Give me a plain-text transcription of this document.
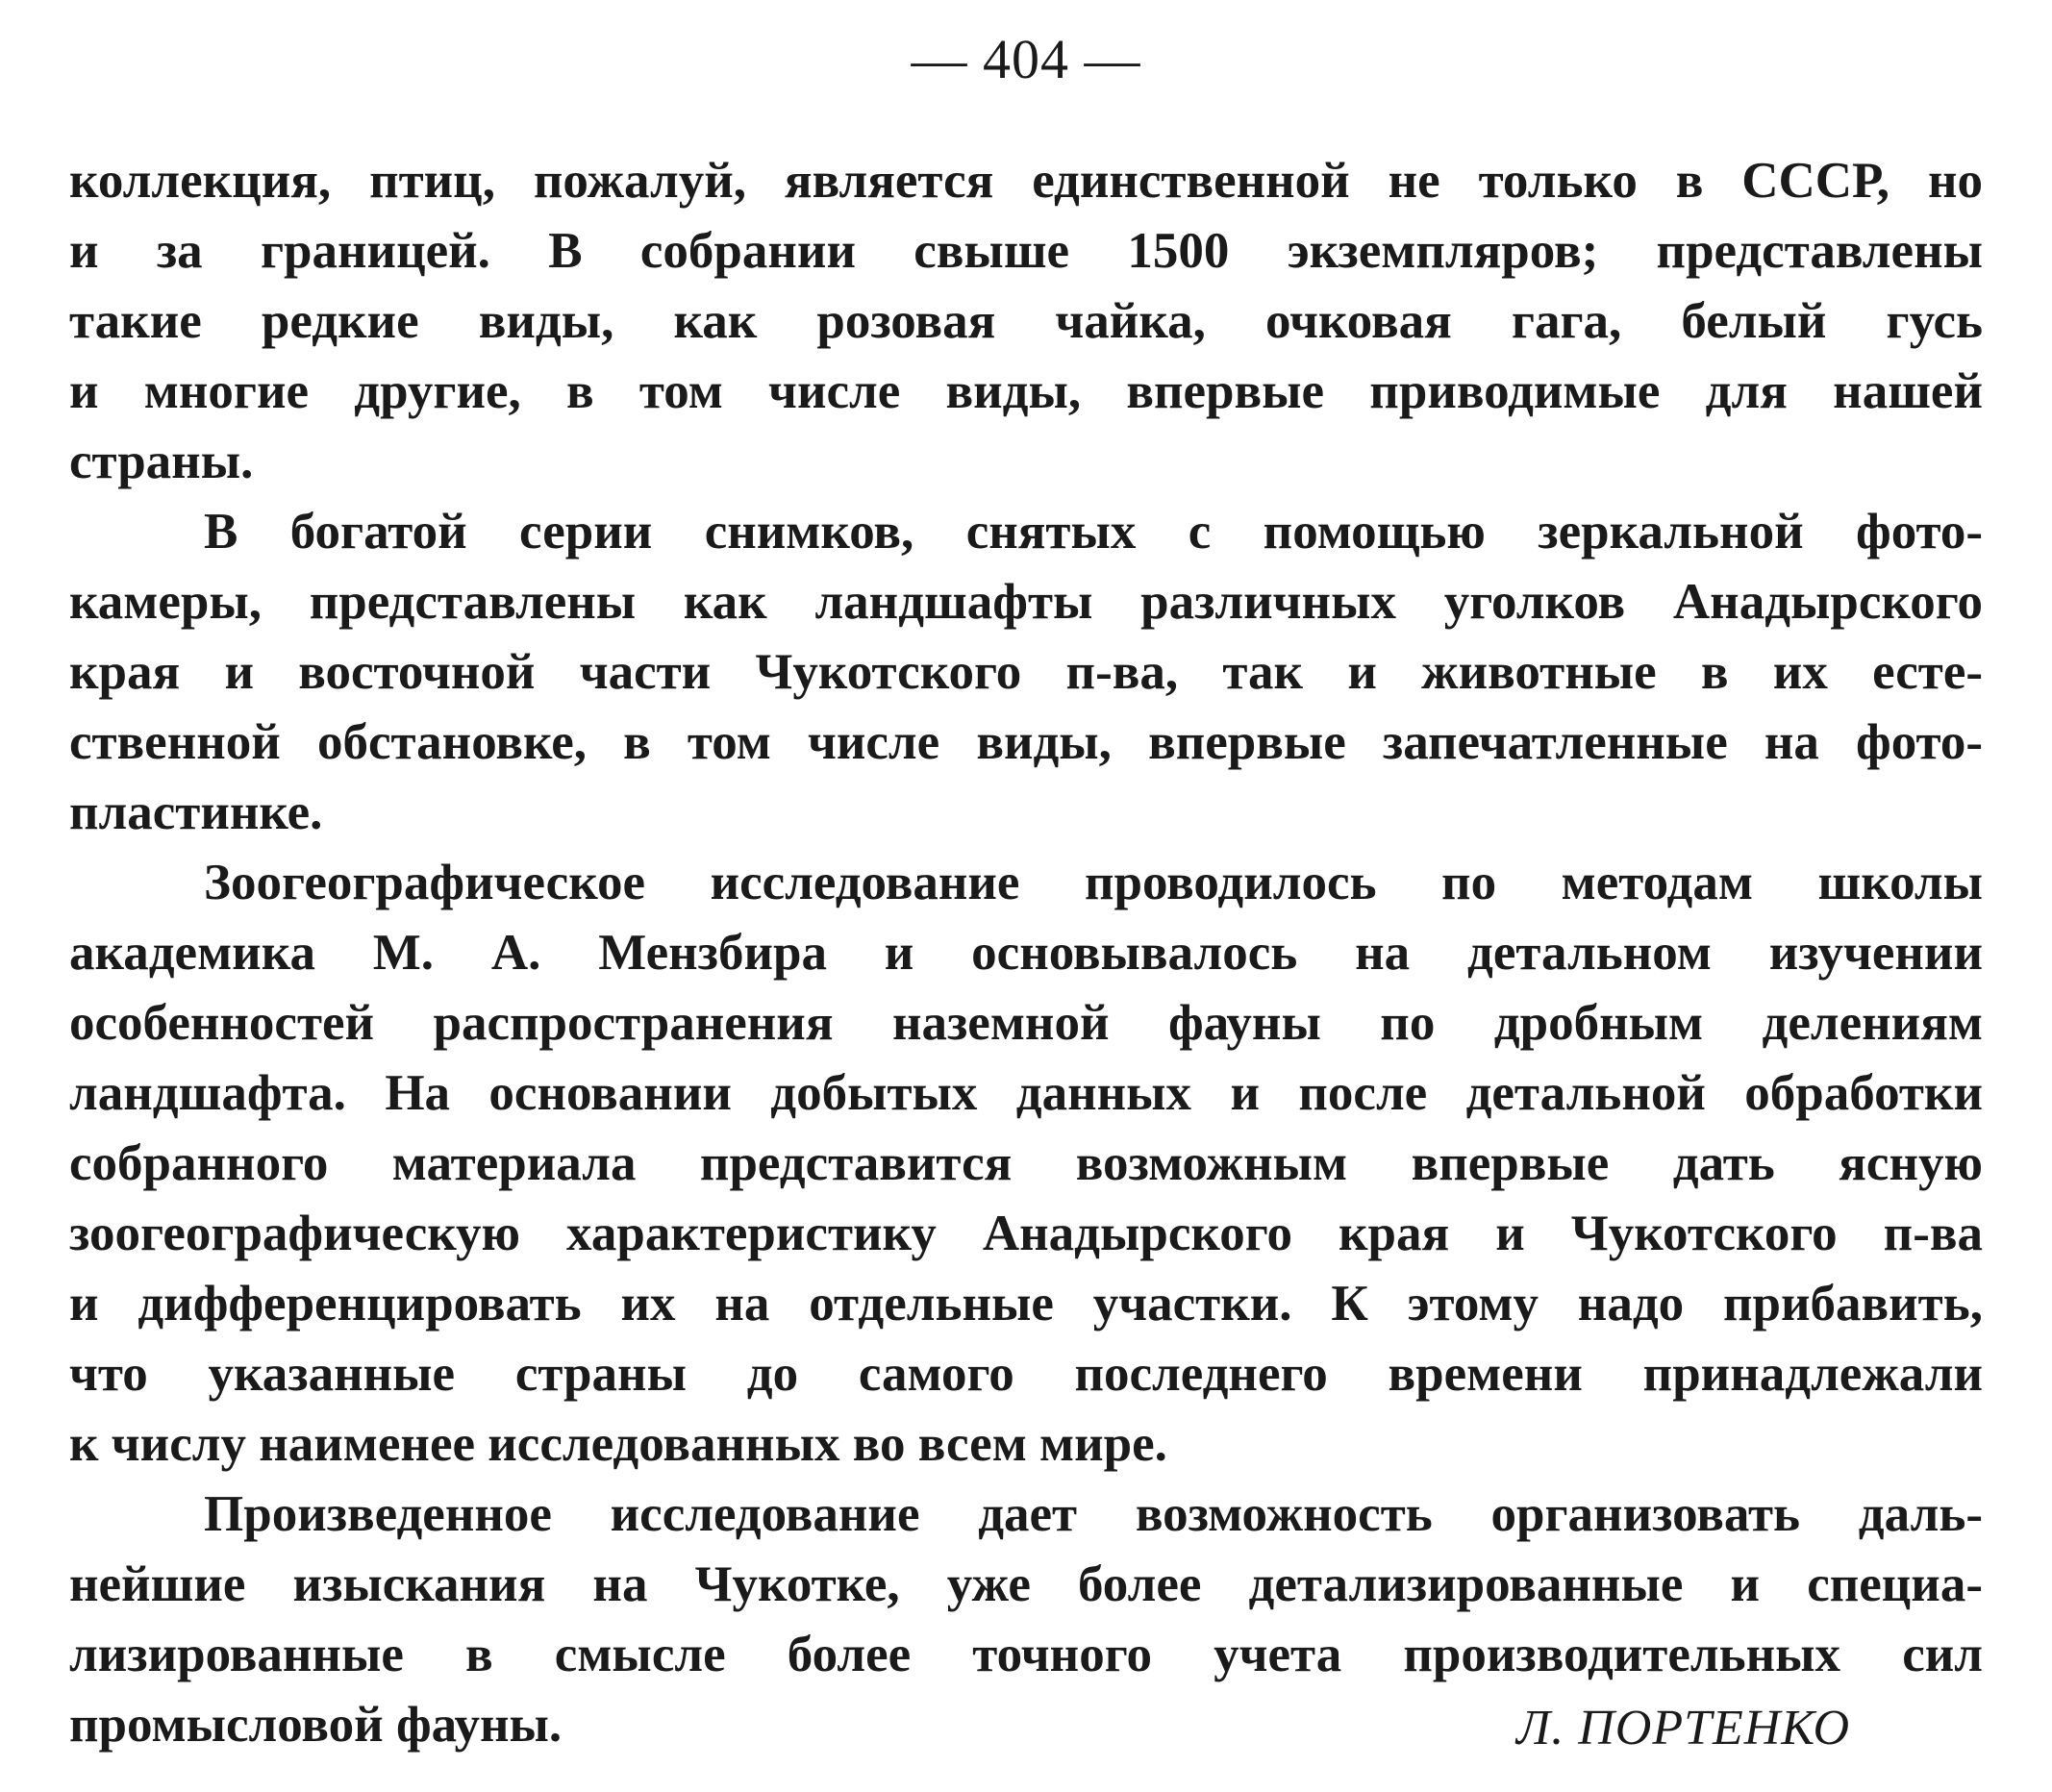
— 404 —
коллекция, птиц, пожалуй, является единственной не только в СССР, но
и за границей. В собрании свыше 1500 экземпляров; представлены
такие редкие виды, как розовая чайка, очковая гага, белый гусь
и многие другие, в том числе виды, впервые приводимые для нашей
страны.
В богатой серии снимков, снятых с помощью зеркальной фото-
камеры, представлены как ландшафты различных уголков Анадырского
края и восточной части Чукотского п-ва, так и животные в их есте-
ственной обстановке, в том числе виды, впервые запечатленные на фото-
пластинке.
Зоогеографическое исследование проводилось по методам школы
академика М. А. Мензбира и основывалось на детальном изучении
особенностей распространения наземной фауны по дробным делениям
ландшафта. На основании добытых данных и после детальной обработки
собранного материала представится возможным впервые дать ясную
зоогеографическую характеристику Анадырского края и Чукотского п-ва
и дифференцировать их на отдельные участки. К этому надо прибавить,
что указанные страны до самого последнего времени принадлежали
к числу наименее исследованных во всем мире.
Произведенное исследование дает возможность организовать даль-
нейшие изыскания на Чукотке, уже более детализированные и специа-
лизированные в смысле более точного учета производительных сил
промысловой фауны.	Л. ПОРТЕНКО
